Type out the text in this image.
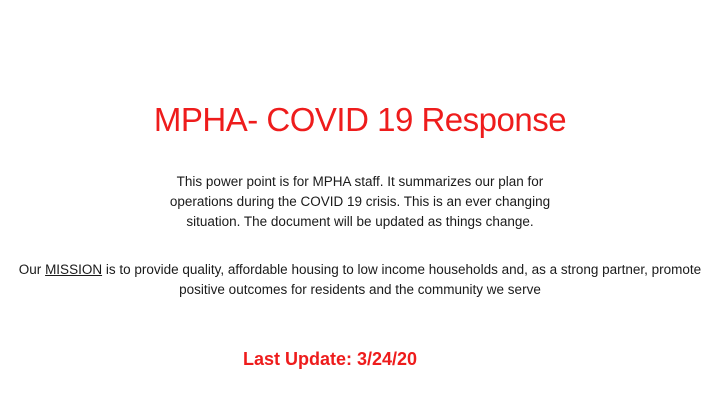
MPHA- COVID 19 Response
This power point is for MPHA staff. It summarizes our plan for operations during the COVID 19 crisis. This is an ever changing situation. The document will be updated as things change.
Our MISSION is to provide quality, affordable housing to low income households and, as a strong partner, promote positive outcomes for residents and the community we serve
Last Update: 3/24/20
